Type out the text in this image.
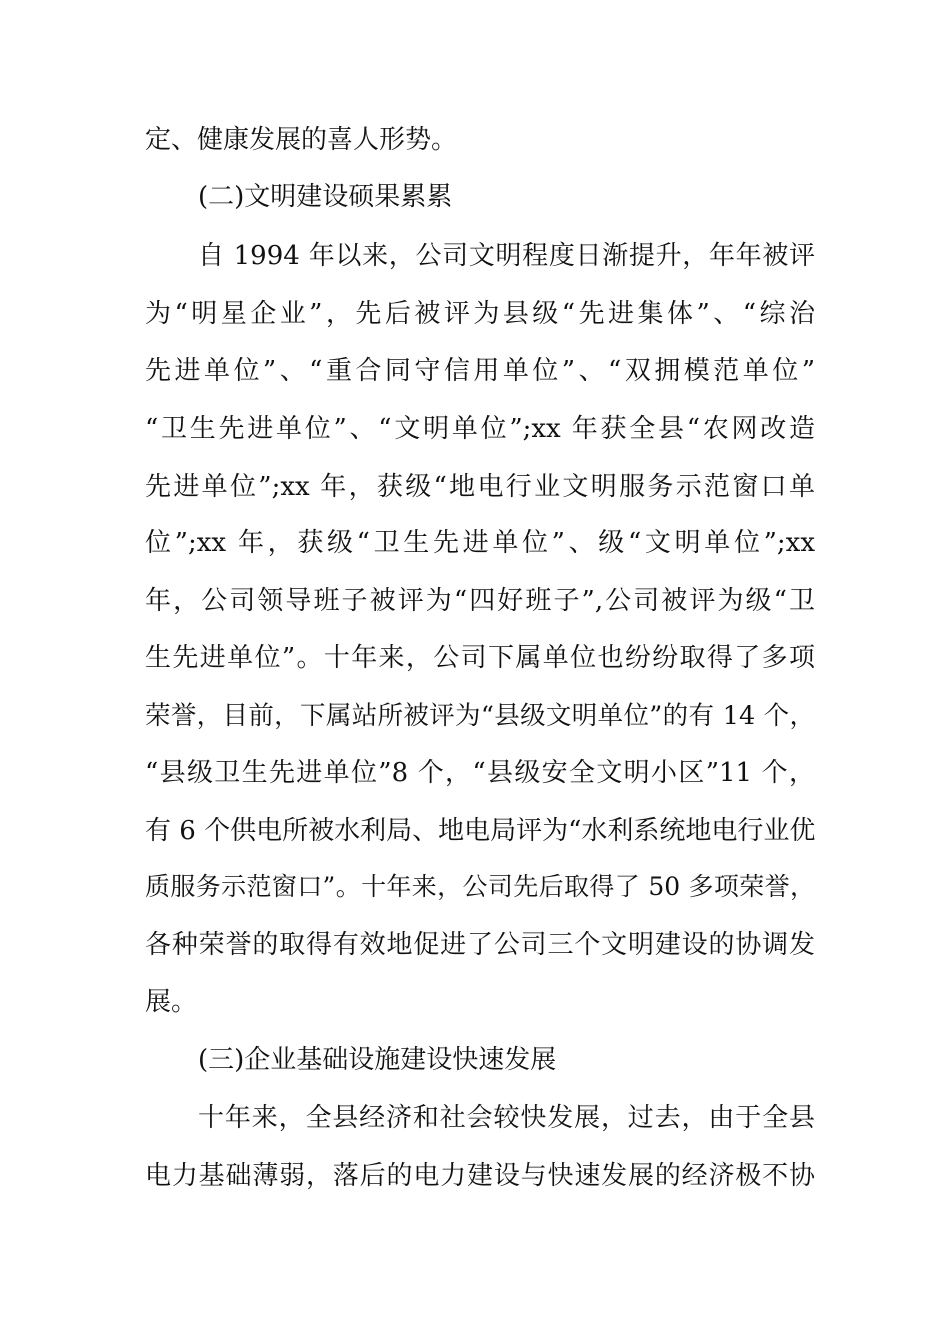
定、健康发展的喜人形势。
(二)文明建设硕果累累
自 1994 年以来，公司文明程度日渐提升，年年被评
为“明星企业”，先后被评为县级“先进集体”、“综治
先进单位”、“重合同守信用单位”、“双拥模范单位”
“卫生先进单位”、“文明单位”;xx 年获全县“农网改造
先进单位”;xx 年，获级“地电行业文明服务示范窗口单
位”;xx 年，获级“卫生先进单位”、级“文明单位”;xx
年，公司领导班子被评为“四好班子”,公司被评为级“卫
生先进单位”。十年来，公司下属单位也纷纷取得了多项
荣誉，目前，下属站所被评为“县级文明单位”的有 14 个，
“县级卫生先进单位”8 个，“县级安全文明小区”11 个，
有 6 个供电所被水利局、地电局评为“水利系统地电行业优
质服务示范窗口”。十年来，公司先后取得了 50 多项荣誉，
各种荣誉的取得有效地促进了公司三个文明建设的协调发
展。
(三)企业基础设施建设快速发展
十年来，全县经济和社会较快发展，过去，由于全县
电力基础薄弱，落后的电力建设与快速发展的经济极不协
